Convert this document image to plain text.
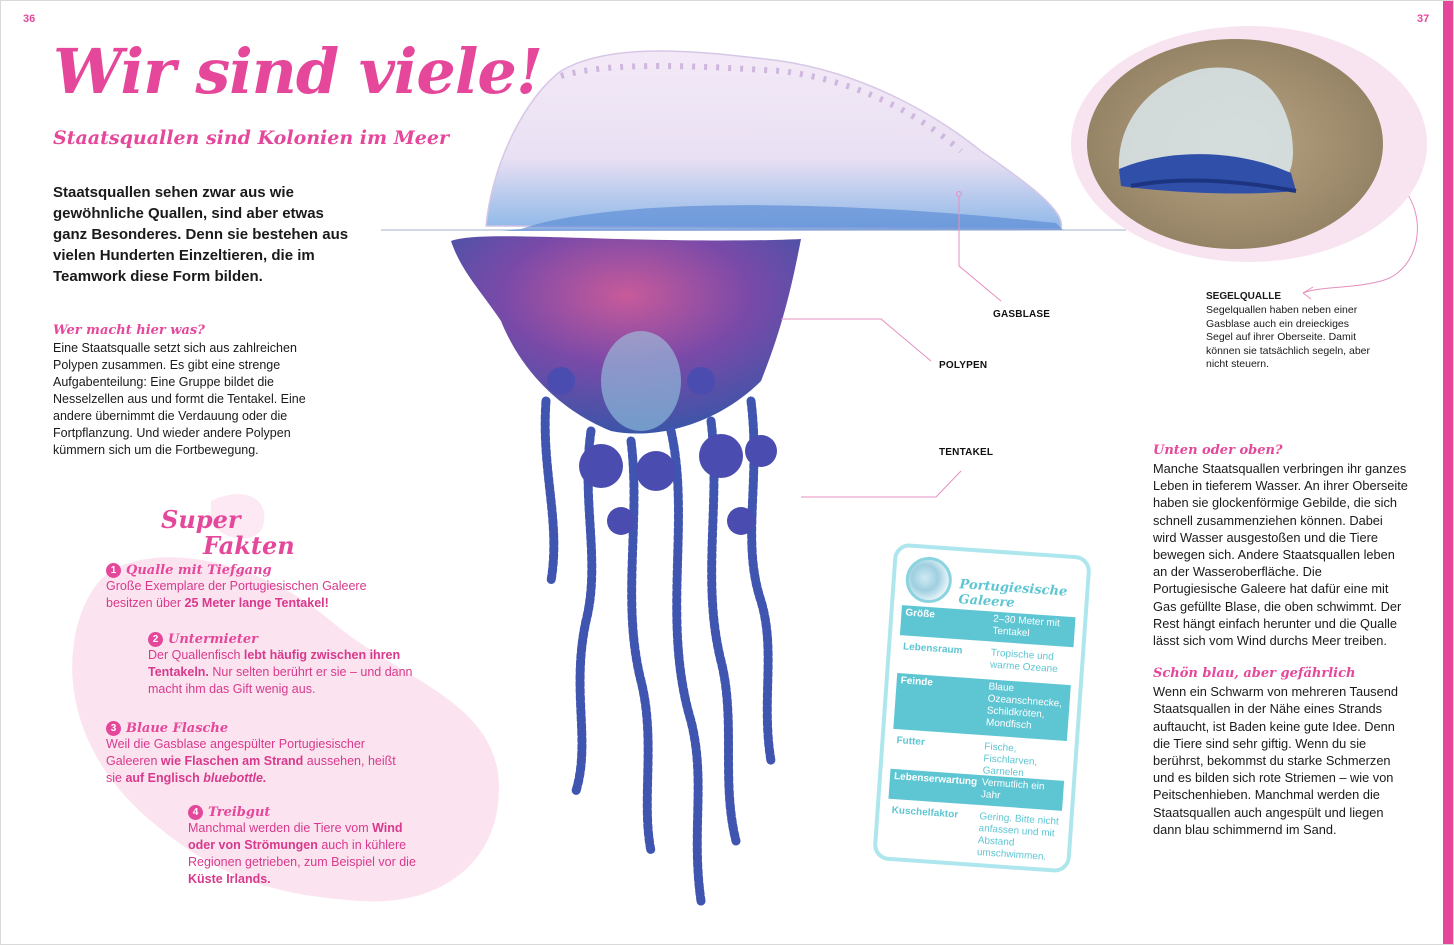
36	37
Wir sind viele!
Staatsquallen sind Kolonien im Meer

Staatsquallen sehen zwar aus wie gewöhnliche Quallen, sind aber etwas ganz Besonderes. Denn sie bestehen aus vielen Hunderten Einzeltieren, die im Teamwork diese Form bilden.

Wer macht hier was?

Eine Staatsqualle setzt sich aus zahlreichen Polypen zusammen. Es gibt eine strenge Aufgabenteilung: Eine Gruppe bildet die Nesselzellen aus und formt die Tentakel. Eine andere übernimmt die Verdauung oder die Fortpflanzung. Und wieder andere Polypen kümmern sich um die Fortbewegung.

Super
Fakten
1 Qualle mit Tiefgang

Große Exemplare der Portugiesischen Galeere besitzen über 25 Meter lange Tentakel!

2 Untermieter

Der Quallenfisch lebt häufig zwischen ihren Tentakeln. Nur selten berührt er sie – und dann macht ihm das Gift wenig aus.

3 Blaue Flasche

Weil die Gasblase angespülter Portugiesischer Galeeren wie Flaschen am Strand aussehen, heißt sie auf Englisch bluebottle.

4 Treibgut

Manchmal werden die Tiere vom Wind oder von Strömungen auch in kühlere Regionen getrieben, zum Beispiel vor die Küste Irlands.

GASBLASE
POLYPEN
TENTAKEL

SEGELQUALLE

Segelquallen haben neben einer Gasblase auch ein dreieckiges Segel auf ihrer Oberseite. Damit können sie tatsächlich segeln, aber nicht steuern.

Unten oder oben?

Manche Staatsquallen verbringen ihr ganzes Leben in tieferem Wasser. An ihrer Oberseite haben sie glockenförmige Gebilde, die sich schnell zusammenziehen können. Dabei wird Wasser ausgestoßen und die Tiere bewegen sich. Andere Staatsquallen leben an der Wasseroberfläche. Die Portugiesische Galeere hat dafür eine mit Gas gefüllte Blase, die oben schwimmt. Der Rest hängt einfach herunter und die Qualle lässt sich vom Wind durchs Meer treiben.

Schön blau, aber gefährlich

Wenn ein Schwarm von mehreren Tausend Staatsquallen in der Nähe eines Strands auftaucht, ist Baden keine gute Idee. Denn die Tiere sind sehr giftig. Wenn du sie berührst, bekommst du starke Schmerzen und es bilden sich rote Striemen – wie von Peitschenhieben. Manchmal werden die Staatsquallen auch angespült und liegen dann blau schimmernd im Sand.

Portugiesische Galeere
Größe	2–30 Meter mit Tentakel
Lebensraum	Tropische und warme Ozeane
Feinde	Blaue Ozeanschnecke, Schildkröten, Mondfisch
Futter	Fische, Fischlarven, Garnelen
Lebenserwartung Vermutlich ein Jahr
Kuschelfaktor Gering. Bitte nicht anfassen und mit Abstand umschwimmen.
